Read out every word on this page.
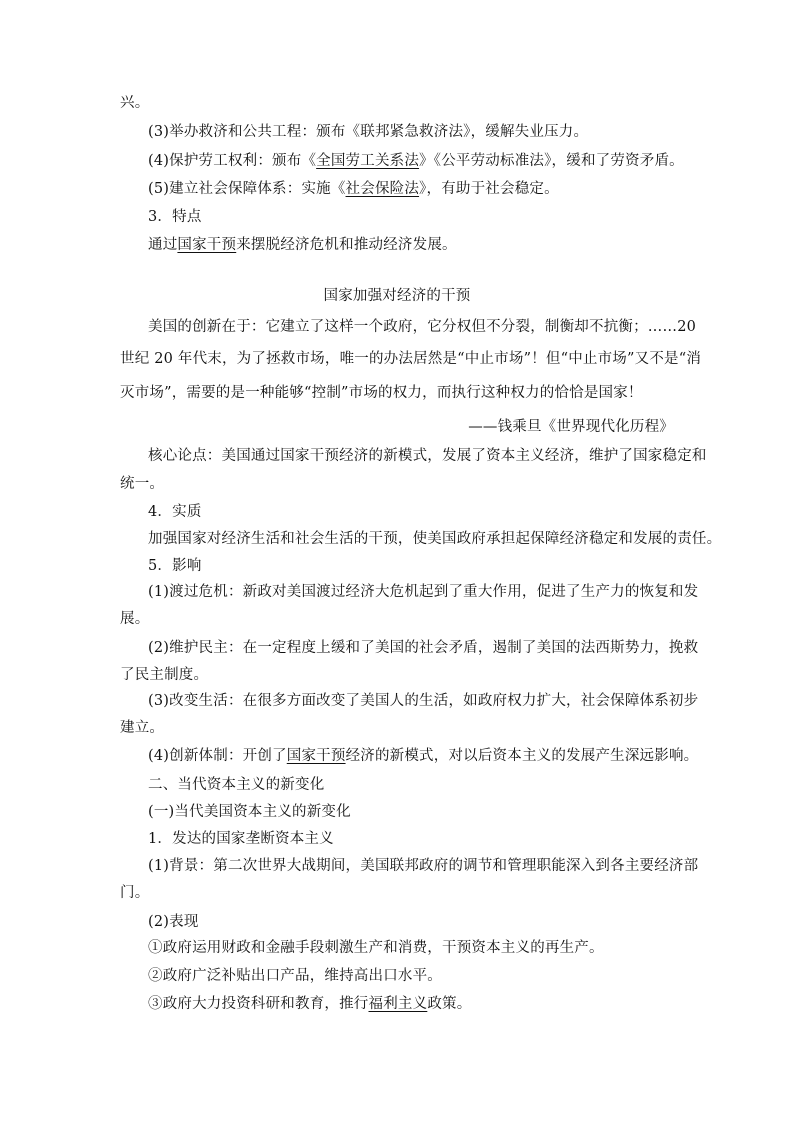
兴。
(3)举办救济和公共工程：颁布《联邦紧急救济法》，缓解失业压力。
(4)保护劳工权利：颁布《全国劳工关系法》《公平劳动标准法》，缓和了劳资矛盾。
(5)建立社会保障体系：实施《社会保险法》，有助于社会稳定。
3．特点
通过国家干预来摆脱经济危机和推动经济发展。
国家加强对经济的干预
美国的创新在于：它建立了这样一个政府，它分权但不分裂，制衡却不抗衡；……20
世纪 20 年代末，为了拯救市场，唯一的办法居然是“中止市场”！但“中止市场”又不是“消
灭市场”，需要的是一种能够“控制”市场的权力，而执行这种权力的恰恰是国家！
——钱乘旦《世界现代化历程》
核心论点：美国通过国家干预经济的新模式，发展了资本主义经济，维护了国家稳定和
统一。
4．实质
加强国家对经济生活和社会生活的干预，使美国政府承担起保障经济稳定和发展的责任。
5．影响
(1)渡过危机：新政对美国渡过经济大危机起到了重大作用，促进了生产力的恢复和发
展。
(2)维护民主：在一定程度上缓和了美国的社会矛盾，遏制了美国的法西斯势力，挽救
了民主制度。
(3)改变生活：在很多方面改变了美国人的生活，如政府权力扩大，社会保障体系初步
建立。
(4)创新体制：开创了国家干预经济的新模式，对以后资本主义的发展产生深远影响。
二、当代资本主义的新变化
(一)当代美国资本主义的新变化
1．发达的国家垄断资本主义
(1)背景：第二次世界大战期间，美国联邦政府的调节和管理职能深入到各主要经济部
门。
(2)表现
①政府运用财政和金融手段刺激生产和消费，干预资本主义的再生产。
②政府广泛补贴出口产品，维持高出口水平。
③政府大力投资科研和教育，推行福利主义政策。
